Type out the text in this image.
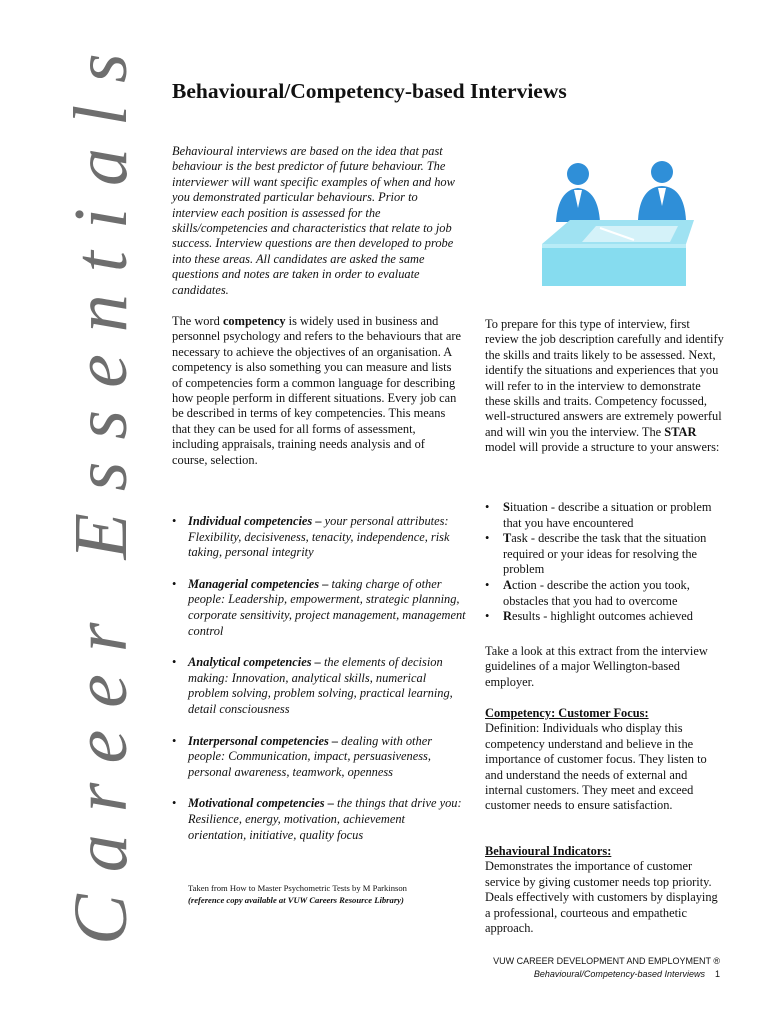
Career Essentials Behavioural/Competency-based Interviews

Behavioural interviews are based on the idea that past behaviour is the best predictor of future behaviour. The interviewer will want specific examples of when and how you demonstrated particular behaviours. Prior to interview each position is assessed for the skills/competencies and characteristics that relate to job success. Interview questions are then developed to probe into these areas. All candidates are asked the same questions and notes are taken in order to evaluate candidates.

The word competency is widely used in business and personnel psychology and refers to the behaviours that are necessary to achieve the objectives of an organisation. A competency is also something you can measure and lists of competencies form a common language for describing how people perform in different situations. Every job can be described in terms of key competencies. This means that they can be used for all forms of assessment, including appraisals, training needs analysis and of course, selection.

• Individual competencies – your personal attributes: Flexibility, decisiveness, tenacity, independence, risk taking, personal integrity
• Managerial competencies – taking charge of other people: Leadership, empowerment, strategic planning, corporate sensitivity, project management, management control
• Analytical competencies – the elements of decision making: Innovation, analytical skills, numerical problem solving, problem solving, practical learning, detail consciousness
• Interpersonal competencies – dealing with other people: Communication, impact, persuasiveness, personal awareness, teamwork, openness
• Motivational competencies – the things that drive you: Resilience, energy, motivation, achievement orientation, initiative, quality focus
Taken from How to Master Psychometric Tests by M Parkinson
(reference copy available at VUW Careers Resource Library)

To prepare for this type of interview, first review the job description carefully and identify the skills and traits likely to be assessed. Next, identify the situations and experiences that you will refer to in the interview to demonstrate these skills and traits. Competency focussed, well-structured answers are extremely powerful and will win you the interview. The STAR model will provide a structure to your answers:

• Situation - describe a situation or problem that you have encountered
• Task - describe the task that the situation required or your ideas for resolving the problem
• Action - describe the action you took, obstacles that you had to overcome
• Results - highlight outcomes achieved

Take a look at this extract from the interview guidelines of a major Wellington-based employer.

Competency: Customer Focus:

Definition: Individuals who display this competency understand and believe in the importance of customer focus. They listen to and understand the needs of external and internal customers. They meet and exceed customer needs to ensure satisfaction.

Behavioural Indicators:

Demonstrates the importance of customer service by giving customer needs top priority. Deals effectively with customers by displaying a professional, courteous and empathetic approach.

VUW CAREER DEVELOPMENT AND EMPLOYMENT ®
Behavioural/Competency-based Interviews 1
